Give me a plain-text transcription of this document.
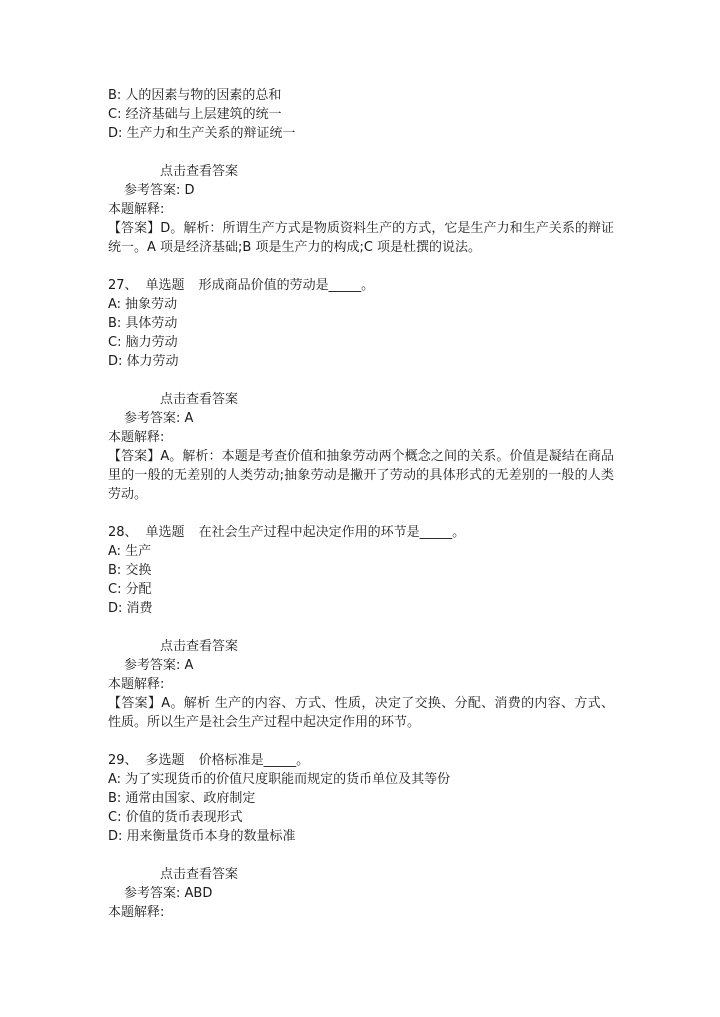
B: 人的因素与物的因素的总和
C: 经济基础与上层建筑的统一
D: 生产力和生产关系的辩证统一
点击查看答案
参考答案: D
本题解释:
【答案】D。解析：所谓生产方式是物质资料生产的方式，它是生产力和生产关系的辩证统一。A 项是经济基础;B 项是生产力的构成;C 项是杜撰的说法。
27、 单选题 形成商品价值的劳动是_____。
A: 抽象劳动
B: 具体劳动
C: 脑力劳动
D: 体力劳动
点击查看答案
参考答案: A
本题解释:
【答案】A。解析：本题是考查价值和抽象劳动两个概念之间的关系。价值是凝结在商品里的一般的无差别的人类劳动;抽象劳动是撇开了劳动的具体形式的无差别的一般的人类劳动。
28、 单选题 在社会生产过程中起决定作用的环节是_____。
A: 生产
B: 交换
C: 分配
D: 消费
点击查看答案
参考答案: A
本题解释:
【答案】A。解析 生产的内容、方式、性质，决定了交换、分配、消费的内容、方式、性质。所以生产是社会生产过程中起决定作用的环节。
29、 多选题 价格标准是_____。
A: 为了实现货币的价值尺度职能而规定的货币单位及其等份
B: 通常由国家、政府制定
C: 价值的货币表现形式
D: 用来衡量货币本身的数量标准
点击查看答案
参考答案: ABD
本题解释:
